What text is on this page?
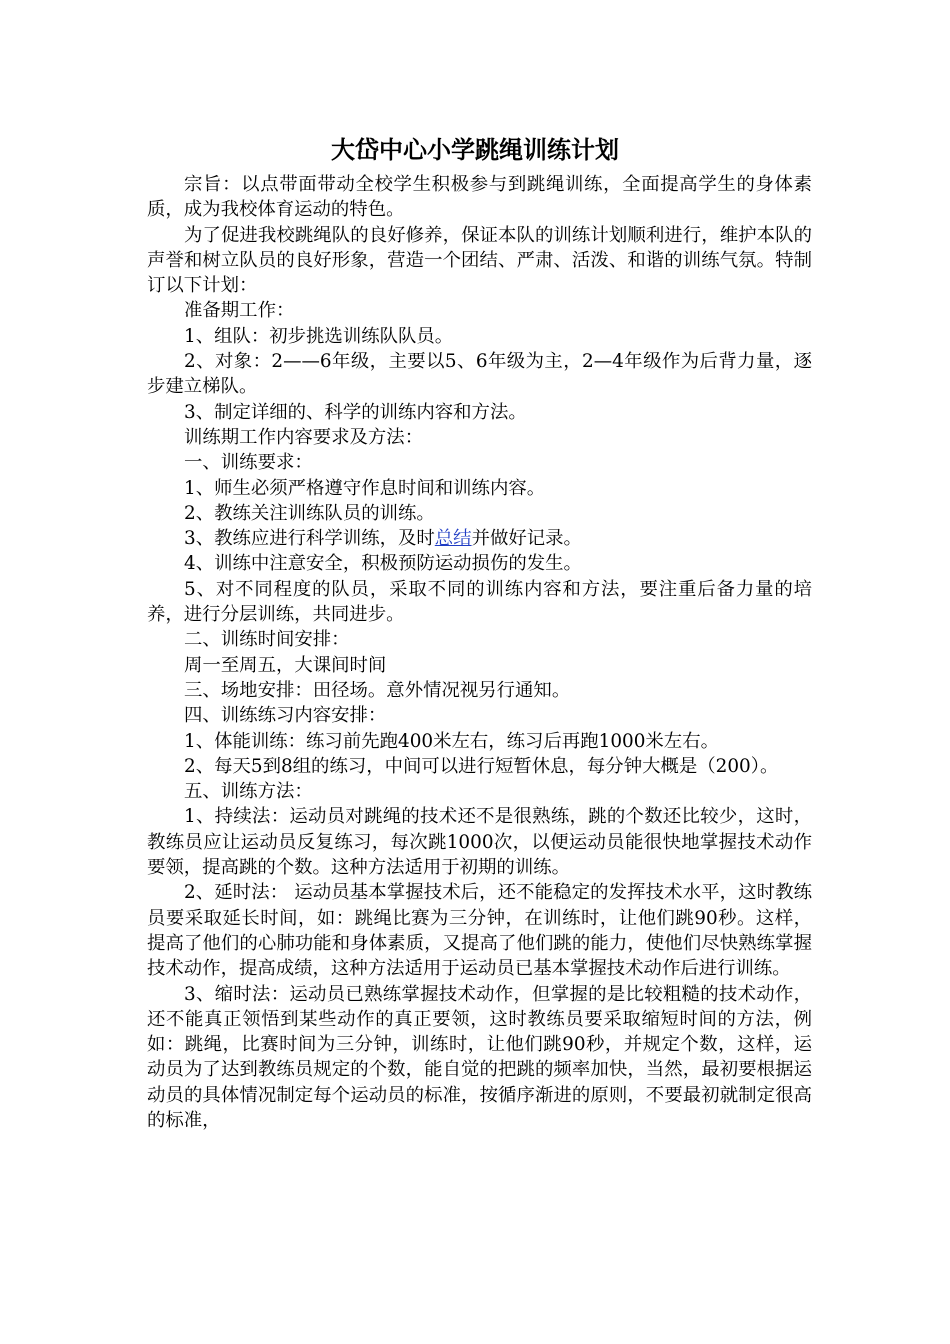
大岱中心小学跳绳训练计划

宗旨：以点带面带动全校学生积极参与到跳绳训练，全面提高学生的身体素质，成为我校体育运动的特色。

为了促进我校跳绳队的良好修养，保证本队的训练计划顺利进行，维护本队的声誉和树立队员的良好形象，营造一个团结、严肃、活泼、和谐的训练气氛。特制订以下计划：

准备期工作：

1、组队：初步挑选训练队队员。

2、对象：2——6年级，主要以5、6年级为主，2—4年级作为后背力量，逐步建立梯队。

3、制定详细的、科学的训练内容和方法。

训练期工作内容要求及方法：

一、训练要求：

1、师生必须严格遵守作息时间和训练内容。

2、教练关注训练队员的训练。

3、教练应进行科学训练，及时总结并做好记录。

4、训练中注意安全，积极预防运动损伤的发生。

5、对不同程度的队员，采取不同的训练内容和方法，要注重后备力量的培养，进行分层训练，共同进步。

二、训练时间安排：

周一至周五，大课间时间

三、场地安排：田径场。意外情况视另行通知。

四、训练练习内容安排：

1、体能训练：练习前先跑400米左右，练习后再跑1000米左右。

2、每天5到8组的练习，中间可以进行短暂休息，每分钟大概是（200）。

五、训练方法：

1、持续法：运动员对跳绳的技术还不是很熟练，跳的个数还比较少，这时，教练员应让运动员反复练习，每次跳1000次，以便运动员能很快地掌握技术动作要领，提高跳的个数。这种方法适用于初期的训练。

2、延时法： 运动员基本掌握技术后，还不能稳定的发挥技术水平，这时教练员要采取延长时间，如：跳绳比赛为三分钟，在训练时，让他们跳90秒。这样，提高了他们的心肺功能和身体素质，又提高了他们跳的能力，使他们尽快熟练掌握技术动作，提高成绩，这种方法适用于运动员已基本掌握技术动作后进行训练。

3、缩时法：运动员已熟练掌握技术动作，但掌握的是比较粗糙的技术动作，还不能真正领悟到某些动作的真正要领，这时教练员要采取缩短时间的方法，例如：跳绳，比赛时间为三分钟，训练时，让他们跳90秒，并规定个数，这样，运动员为了达到教练员规定的个数，能自觉的把跳的频率加快，当然，最初要根据运动员的具体情况制定每个运动员的标准，按循序渐进的原则，不要最初就制定很高的标准，
